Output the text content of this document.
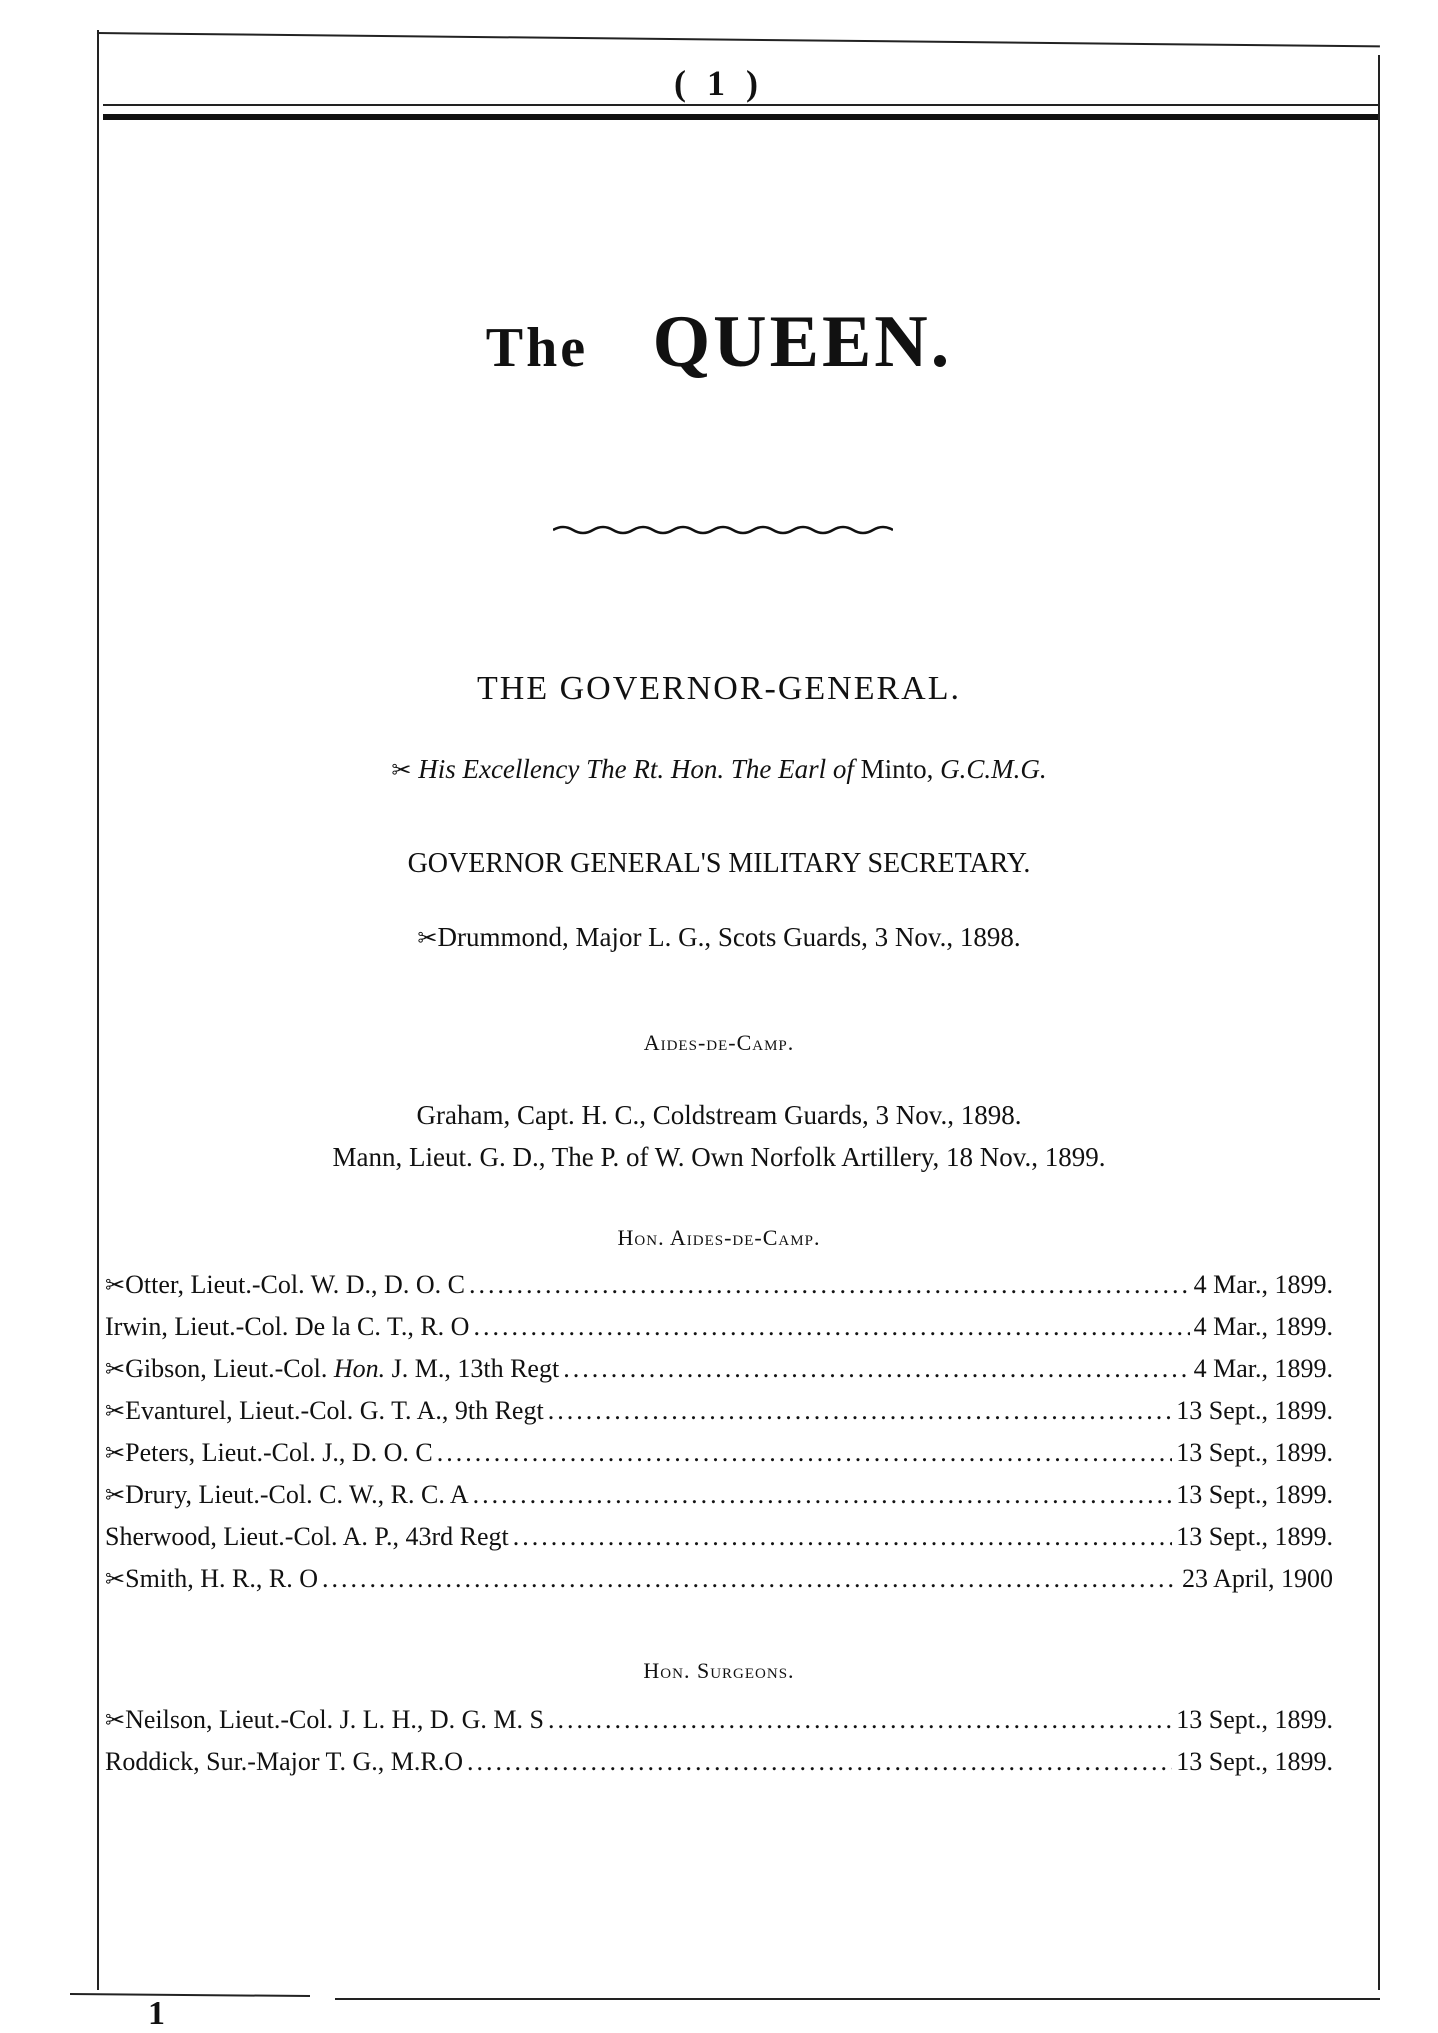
( 1 )
The QUEEN.
THE GOVERNOR-GENERAL.
✂ His Excellency The Rt. Hon. The Earl of Minto, G.C.M.G.
GOVERNOR GENERAL'S MILITARY SECRETARY.
✂Drummond, Major L. G., Scots Guards, 3 Nov., 1898.
Aides-de-Camp.
Graham, Capt. H. C., Coldstream Guards, 3 Nov., 1898.
Mann, Lieut. G. D., The P. of W. Own Norfolk Artillery, 18 Nov., 1899.
Hon. Aides-de-Camp.
✂Otter, Lieut.-Col. W. D., D. O. C .....	4 Mar., 1899.
Irwin, Lieut.-Col. De la C. T., R. O .....	4 Mar., 1899.
✂Gibson, Lieut.-Col. Hon. J. M., 13th Regt .....	4 Mar., 1899.
✂Evanturel, Lieut.-Col. G. T. A., 9th Regt .....	13 Sept., 1899.
✂Peters, Lieut.-Col. J., D. O. C .....	13 Sept., 1899.
✂Drury, Lieut.-Col. C. W., R. C. A .....	13 Sept., 1899.
Sherwood, Lieut.-Col. A. P., 43rd Regt .....	13 Sept., 1899.
✂Smith, H. R., R. O .....	23 April, 1900
Hon. Surgeons.
✂Neilson, Lieut.-Col. J. L. H., D. G. M. S .....	13 Sept., 1899.
Roddick, Sur.-Major T. G., M.R.O .....	13 Sept., 1899.
1
